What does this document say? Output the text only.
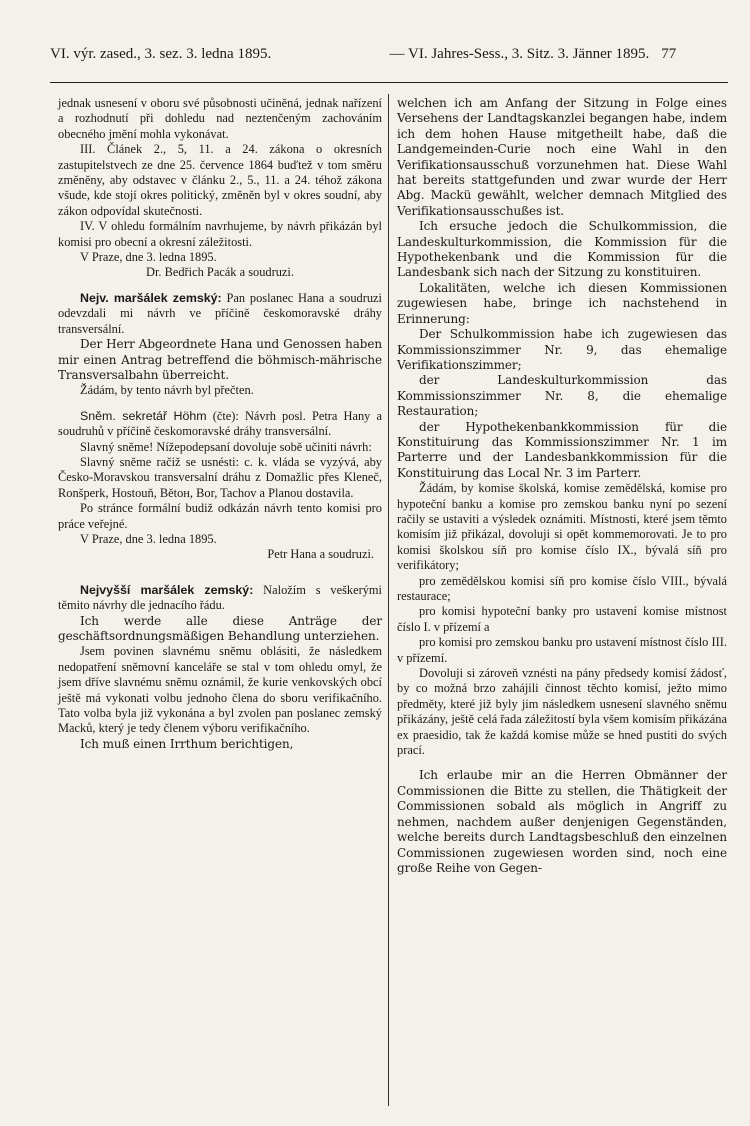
VI. výr. zased., 3. sez. 3. ledna 1895.	— VI. Jahres-Sess., 3. Sitz. 3. Jänner 1895. 77

jednak usnesení v oboru své působnosti učiněná, jednak nařízení a rozhodnutí při dohledu nad neztenčeným zachováním obecného jmění mohla vykonávat.

III. Článek 2., 5, 11. a 24. zákona o okresních zastupitelstvech ze dne 25. července 1864 buďtež v tom směru změněny, aby odstavec v článku 2., 5., 11. a 24. téhož zákona všude, kde stojí okres politický, změněn byl v okres soudní, aby zákon odpovídal skutečnosti.

IV. V ohledu formálním navrhujeme, by návrh přikázán byl komisi pro obecní a okresní záležitosti.

V Praze, dne 3. ledna 1895.

Dr. Bedřich Pacák a soudruzi.

Nejv. maršálek zemský: Pan poslanec Hana a soudruzi odevzdali mi návrh ve příčině českomoravské dráhy transversální.

Der Herr Abgeordnete Hana und Genossen haben mir einen Antrag betreffend die böhmisch-mährische Transversalbahn überreicht.

Žádám, by tento návrh byl přečten.

Sněm. sekretář Höhm (čte): Návrh posl. Petra Hany a soudruhů v příčině českomoravské dráhy transversální.

Slavný sněme! Nížepodepsaní dovolujе sobě učiniti návrh:

Slavný sněme račiž se usnésti: c. k. vláda se vyzývá, aby Česko-Moravskou transversalní dráhu z Domažlic přes Klenеč, Ronšperk, Hostouň, Bětoн, Bor, Tachov a Planou dostavila.

Po stránce formální budiž odkázán návrh tento komisi pro práce veřejné.

V Praze, dne 3. ledna 1895.

Petr Hana a soudruzi.

Nejvyšší maršálek zemský: Naložím s veškerými těmito návrhy dle jednacího řádu.

Ich werde alle diese Anträge der geschäftsordnungsmäßigen Behandlung unterziehen.

Jsem povinen slavnému sněmu oblásiti, že následkem nedopatření sněmovní kanceláře se stal v tom ohledu omyl, že jsem dříve slavnému sněmu oznámil, že kurie venkovských obcí ještě má vykonati volbu jednoho člena do sboru verifikačního. Tato volba byla již vykonána a byl zvolen pan poslanec zemský Macků, který je tedy členem výboru verifikačního.

Ich muß einen Irrthum berichtigen,

welchen ich am Anfang der Sitzung in Folge eines Versehens der Landtagskanzlei begangen habe, indem ich dem hohen Hause mitgetheilt habe, daß die Landgemeinden-Curie noch eine Wahl in den Verifikationsausschuß vorzunehmen hat. Diese Wahl hat bereits stattgefunden und zwar wurde der Herr Abg. Mackü gewählt, welcher demnach Mitglied des Verifikationsausschußes ist.

Ich ersuche jedoch die Schulkommission, die Landeskulturkommission, die Kommission für die Hypothekenbank und die Kommission für die Landesbank sich nach der Sitzung zu konstituiren.

Lokalitäten, welche ich diesen Kommissionen zugewiesen habe, bringe ich nachstehend in Erinnerung:

Der Schulkommission habe ich zugewiesen das Kommissionszimmer Nr. 9, das ehemalige Verifikationszimmer;

der Landeskulturkommission das Kommissionszimmer Nr. 8, die ehemalige Restauration;

der Hypothekenbankkommission für die Konstituirung das Kommissionszimmer Nr. 1 im Parterre und der Landesbankkommission für die Konstituirung das Local Nr. 3 im Parterr.

Žádám, by komise školská, komise zemědělská, komise pro hypoteční banku a komise pro zemskou banku nyní po sezení račily se ustaviti a výsledek oznámiti. Místnosti, které jsem těmto komisím již přikázal, dovoluji si opět kommemorovati. Je to pro komisi školskou síň pro komise číslo IX., bývalá síň pro verifikátory;

pro zemědělskou komisi síň pro komise číslo VIII., bývalá restaurace;

pro komisi hypoteční banky pro ustavení komise místnost číslo I. v přízemí a

pro komisi pro zemskou banku pro ustavení místnost číslo III. v přízemí.

Dovoluji si zároveň vznésti na pány předsedy komisí žádosť, by co možná brzo zahájili činnost těchto komisí, ježto mimo předměty, které již byly jim následkem usnesení slavného sněmu přikázány, ještě celá řada záležitostí byla všem komisím přikázána ex praesidio, tak že každá komise může se hned pustiti do svých prací.

Ich erlaube mir an die Herren Obmänner der Commissionen die Bitte zu stellen, die Thätigkeit der Commissionen sobald als möglich in Angriff zu nehmen, nachdem außer denjenigen Gegenständen, welche bereits durch Landtagsbeschluß den einzelnen Commissionen zugewiesen worden sind, noch eine große Reihe von Gegen-
